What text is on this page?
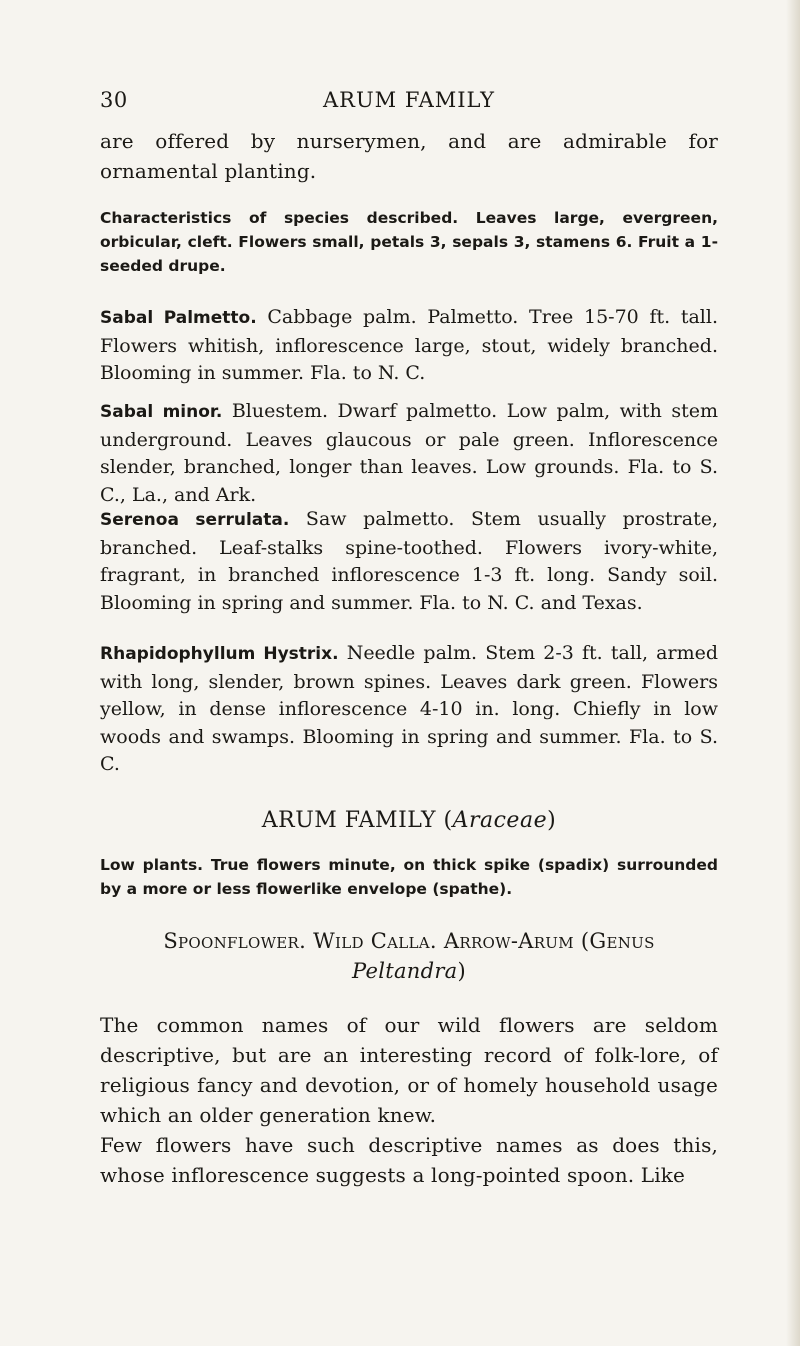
30	ARUM FAMILY

are offered by nurserymen, and are admirable for ornamental planting.

Characteristics of species described. Leaves large, evergreen, orbicular, cleft. Flowers small, petals 3, sepals 3, stamens 6. Fruit a 1-seeded drupe.

Sabal Palmetto. Cabbage palm. Palmetto. Tree 15-70 ft. tall. Flowers whitish, inflorescence large, stout, widely branched. Blooming in summer. Fla. to N. C.

Sabal minor. Bluestem. Dwarf palmetto. Low palm, with stem underground. Leaves glaucous or pale green. Inflorescence slender, branched, longer than leaves. Low grounds. Fla. to S. C., La., and Ark.

Serenoa serrulata. Saw palmetto. Stem usually prostrate, branched. Leaf-stalks spine-toothed. Flowers ivory-white, fragrant, in branched inflorescence 1-3 ft. long. Sandy soil. Blooming in spring and summer. Fla. to N. C. and Texas.

Rhapidophyllum Hystrix. Needle palm. Stem 2-3 ft. tall, armed with long, slender, brown spines. Leaves dark green. Flowers yellow, in dense inflorescence 4-10 in. long. Chiefly in low woods and swamps. Blooming in spring and summer. Fla. to S. C.

ARUM FAMILY (Araceae)

Low plants. True flowers minute, on thick spike (spadix) surrounded by a more or less flowerlike envelope (spathe).

Spoonflower. Wild Calla. Arrow-Arum (Genus
Peltandra)

The common names of our wild flowers are seldom descriptive, but are an interesting record of folk-lore, of religious fancy and devotion, or of homely household usage which an older generation knew.

Few flowers have such descriptive names as does this, whose inflorescence suggests a long-pointed spoon. Like
